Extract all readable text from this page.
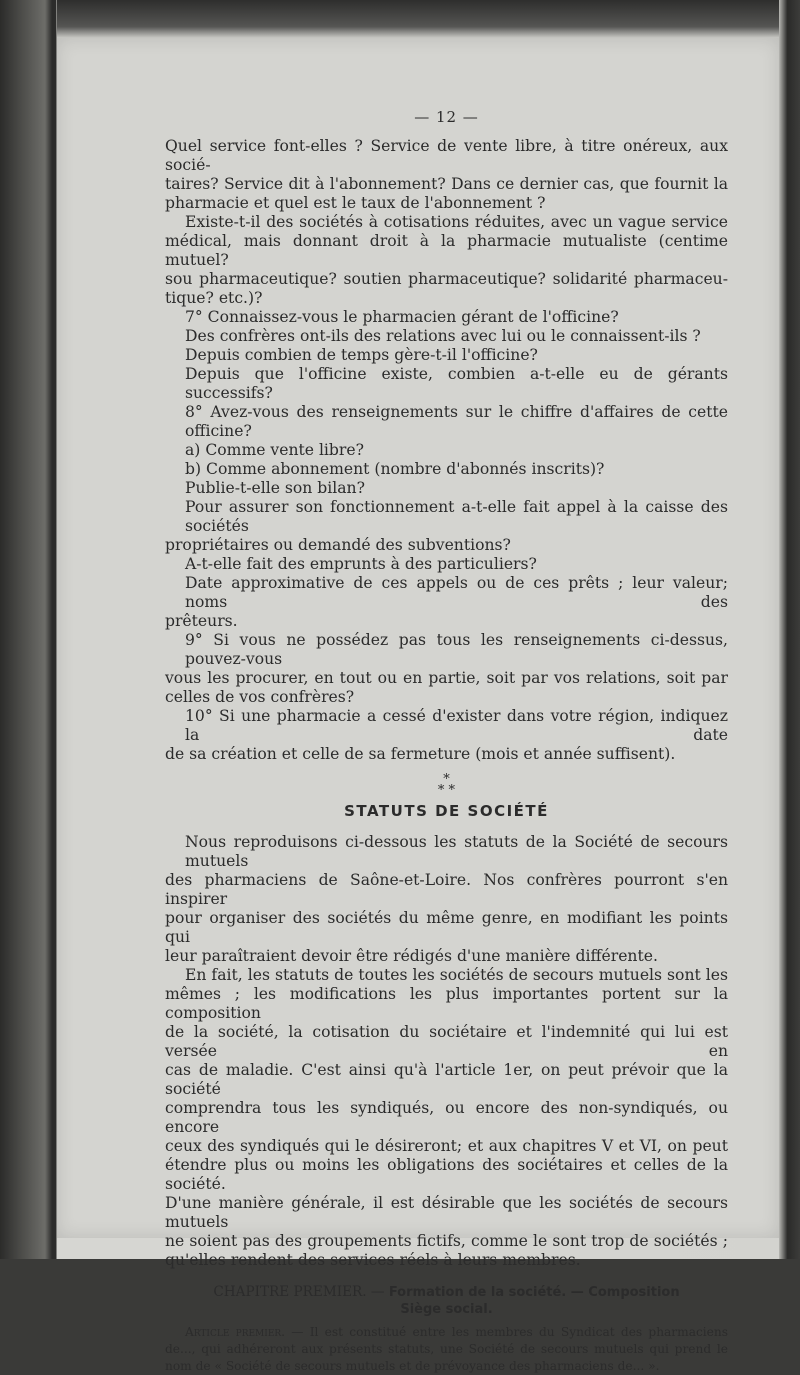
— 12 —
Quel service font-elles ? Service de vente libre, à titre onéreux, aux socié-
taires? Service dit à l'abonnement? Dans ce dernier cas, que fournit la
pharmacie et quel est le taux de l'abonnement ?
Existe-t-il des sociétés à cotisations réduites, avec un vague service
médical, mais donnant droit à la pharmacie mutualiste (centime mutuel?
sou pharmaceutique? soutien pharmaceutique? solidarité pharmaceu-
tique? etc.)?
7° Connaissez-vous le pharmacien gérant de l'officine?
Des confrères ont-ils des relations avec lui ou le connaissent-ils ?
Depuis combien de temps gère-t-il l'officine?
Depuis que l'officine existe, combien a-t-elle eu de gérants successifs?
8° Avez-vous des renseignements sur le chiffre d'affaires de cette officine?
a) Comme vente libre?
b) Comme abonnement (nombre d'abonnés inscrits)?
Publie-t-elle son bilan?
Pour assurer son fonctionnement a-t-elle fait appel à la caisse des sociétés
propriétaires ou demandé des subventions?
A-t-elle fait des emprunts à des particuliers?
Date approximative de ces appels ou de ces prêts ; leur valeur; noms des
prêteurs.
9° Si vous ne possédez pas tous les renseignements ci-dessus, pouvez-vous
vous les procurer, en tout ou en partie, soit par vos relations, soit par
celles de vos confrères?
10° Si une pharmacie a cessé d'exister dans votre région, indiquez la date
de sa création et celle de sa fermeture (mois et année suffisent).
*
* *
STATUTS DE SOCIÉTÉ
Nous reproduisons ci-dessous les statuts de la Société de secours mutuels
des pharmaciens de Saône-et-Loire. Nos confrères pourront s'en inspirer
pour organiser des sociétés du même genre, en modifiant les points qui
leur paraîtraient devoir être rédigés d'une manière différente.
En fait, les statuts de toutes les sociétés de secours mutuels sont les
mêmes ; les modifications les plus importantes portent sur la composition
de la société, la cotisation du sociétaire et l'indemnité qui lui est versée en
cas de maladie. C'est ainsi qu'à l'article 1er, on peut prévoir que la société
comprendra tous les syndiqués, ou encore des non-syndiqués, ou encore
ceux des syndiqués qui le désireront; et aux chapitres V et VI, on peut
étendre plus ou moins les obligations des sociétaires et celles de la société.
D'une manière générale, il est désirable que les sociétés de secours mutuels
ne soient pas des groupements fictifs, comme le sont trop de sociétés ;
qu'elles rendent des services réels à leurs membres.
CHAPITRE PREMIER. — Formation de la société. — Composition
Siège social.

Article premier. — Il est constitué entre les membres du Syndicat des pharmaciens de..., qui adhéreront aux présents statuts, une Société de secours mutuels qui prend le nom de « Société de secours mutuels et de prévoyance des pharmaciens de... ».
